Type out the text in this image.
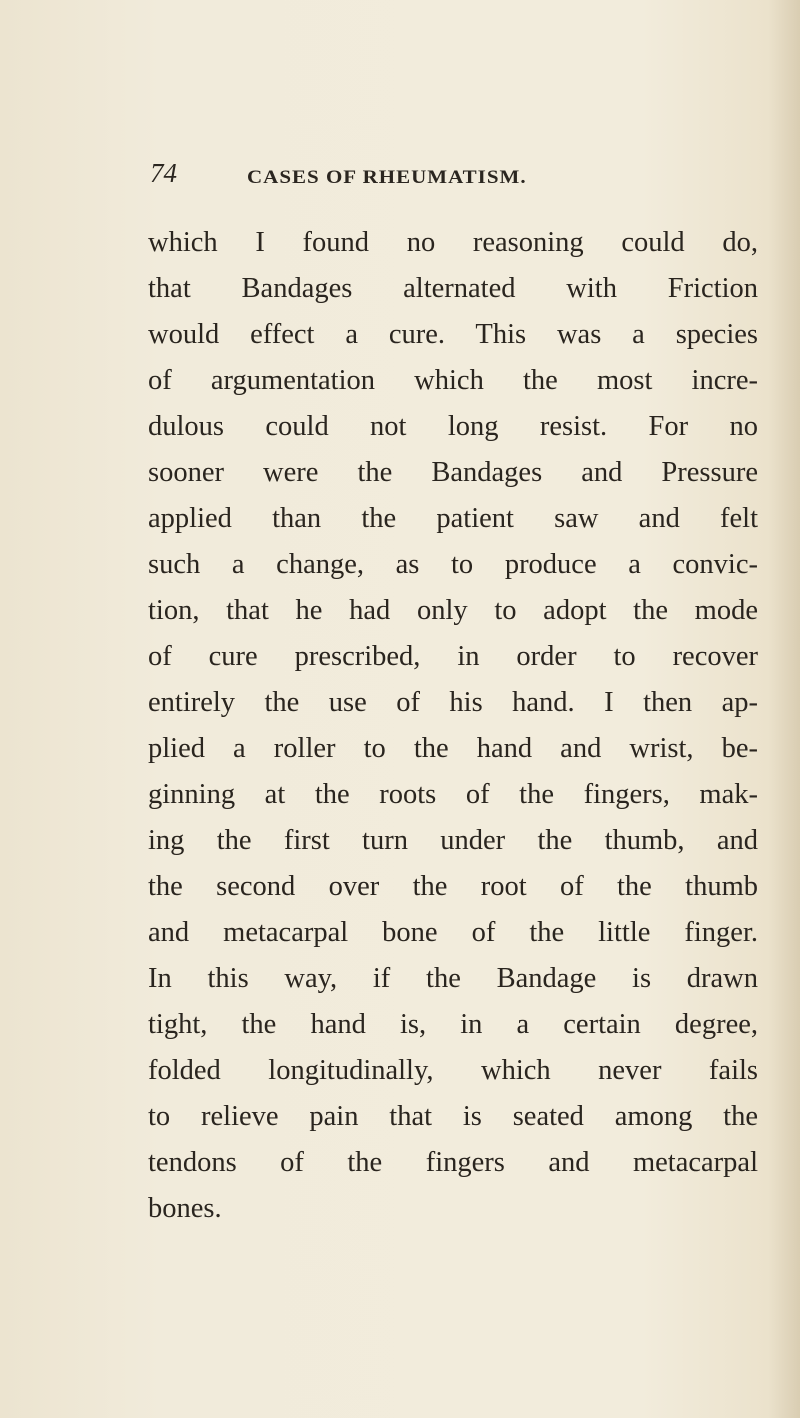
74	CASES OF RHEUMATISM.
which I found no reasoning could do,
that Bandages alternated with Friction
would effect a cure. This was a species
of argumentation which the most incre-
dulous could not long resist. For no
sooner were the Bandages and Pressure
applied than the patient saw and felt
such a change, as to produce a convic-
tion, that he had only to adopt the mode
of cure prescribed, in order to recover
entirely the use of his hand. I then ap-
plied a roller to the hand and wrist, be-
ginning at the roots of the fingers, mak-
ing the first turn under the thumb, and
the second over the root of the thumb
and metacarpal bone of the little finger.
In this way, if the Bandage is drawn
tight, the hand is, in a certain degree,
folded longitudinally, which never fails
to relieve pain that is seated among the
tendons of the fingers and metacarpal
bones.
